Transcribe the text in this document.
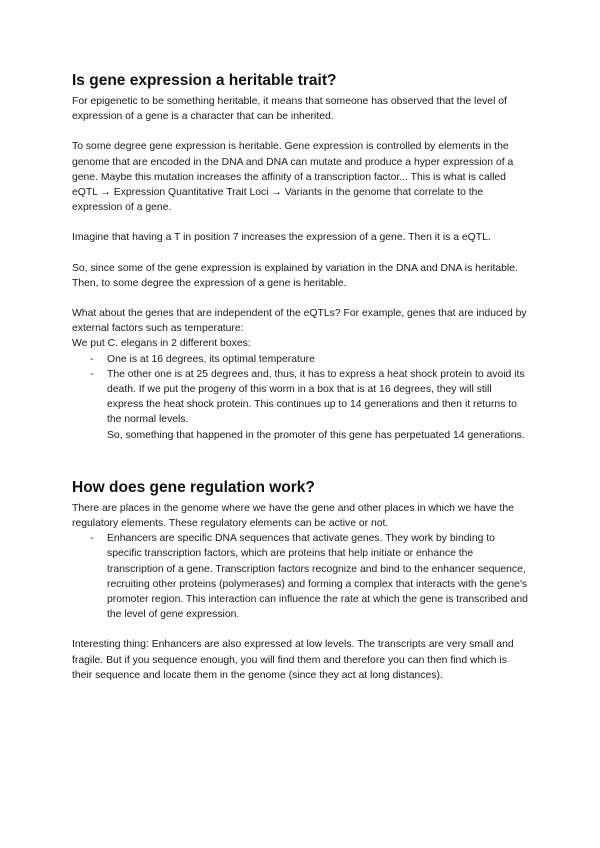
Is gene expression a heritable trait?

For epigenetic to be something heritable, it means that someone has observed that the level of expression of a gene is a character that can be inherited.

To some degree gene expression is heritable. Gene expression is controlled by elements in the genome that are encoded in the DNA and DNA can mutate and produce a hyper expression of a gene. Maybe this mutation increases the affinity of a transcription factor... This is what is called eQTL → Expression Quantitative Trait Loci → Variants in the genome that correlate to the expression of a gene.

Imagine that having a T in position 7 increases the expression of a gene. Then it is a eQTL.

So, since some of the gene expression is explained by variation in the DNA and DNA is heritable. Then, to some degree the expression of a gene is heritable.

What about the genes that are independent of the eQTLs? For example, genes that are induced by external factors such as temperature:

We put C. elegans in 2 different boxes:

- One is at 16 degrees, its optimal temperature
- The other one is at 25 degrees and, thus, it has to express a heat shock protein to avoid its death. If we put the progeny of this worm in a box that is at 16 degrees, they will still express the heat shock protein. This continues up to 14 generations and then it returns to the normal levels.
So, something that happened in the promoter of this gene has perpetuated 14 generations.
How does gene regulation work?

There are places in the genome where we have the gene and other places in which we have the regulatory elements. These regulatory elements can be active or not.

- Enhancers are specific DNA sequences that activate genes. They work by binding to specific transcription factors, which are proteins that help initiate or enhance the transcription of a gene. Transcription factors recognize and bind to the enhancer sequence, recruiting other proteins (polymerases) and forming a complex that interacts with the gene's promoter region. This interaction can influence the rate at which the gene is transcribed and the level of gene expression.

Interesting thing: Enhancers are also expressed at low levels. The transcripts are very small and fragile. But if you sequence enough, you will find them and therefore you can then find which is their sequence and locate them in the genome (since they act at long distances).
